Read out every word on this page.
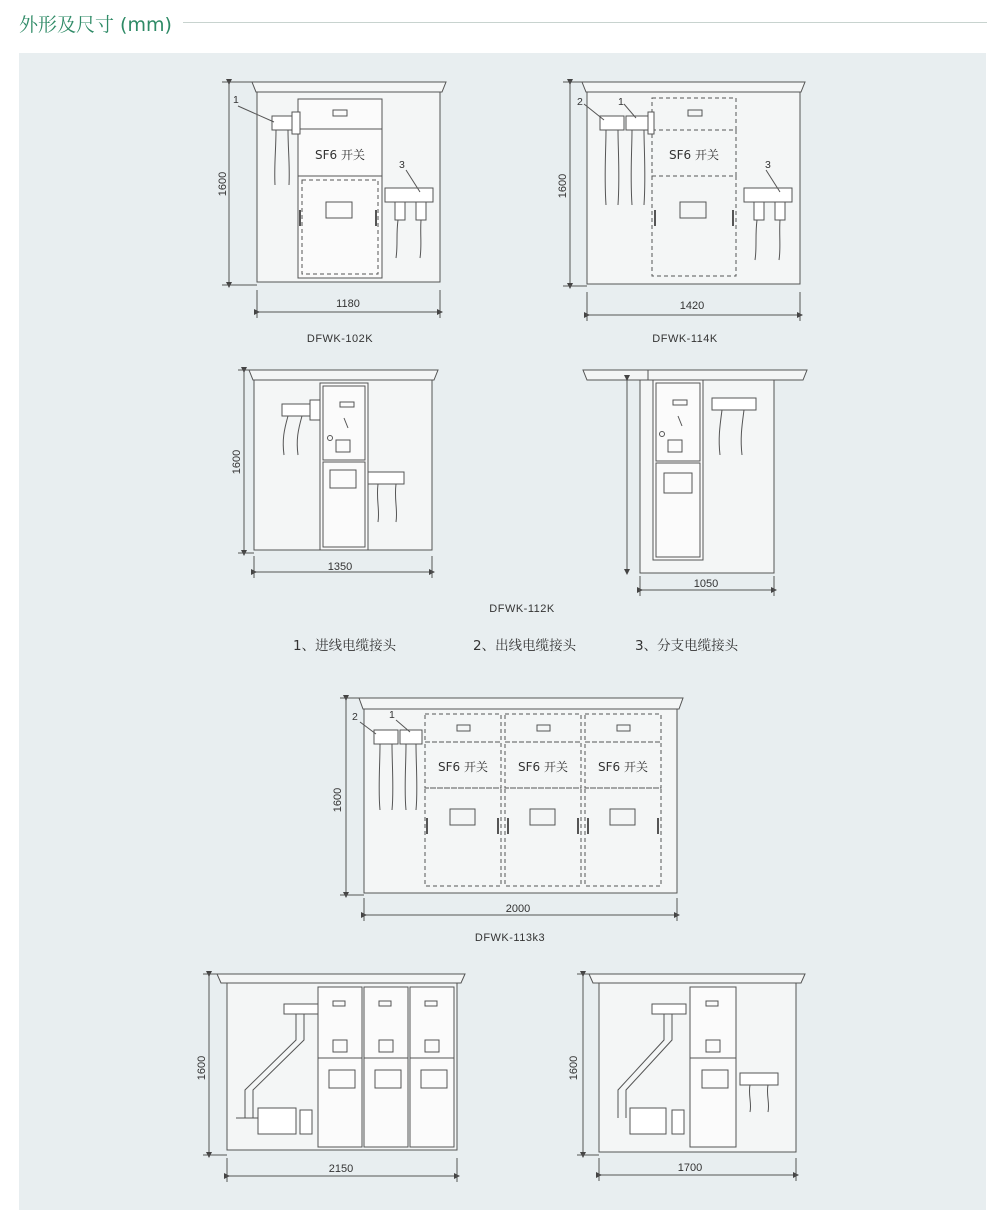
外形及尺寸 (mm)
1
3
SF6 开关
1600
1180
DFWK-102K
2	1
3
SF6 开关
1600
1420
DFWK-114K
1600
1350
1050
DFWK-112K
1、进线电缆接头	2、出线电缆接头	3、分支电缆接头
2	1
SF6 开关	SF6 开关	SF6 开关
1600
2000
DFWK-113k3
1600
2150
1600
1700
